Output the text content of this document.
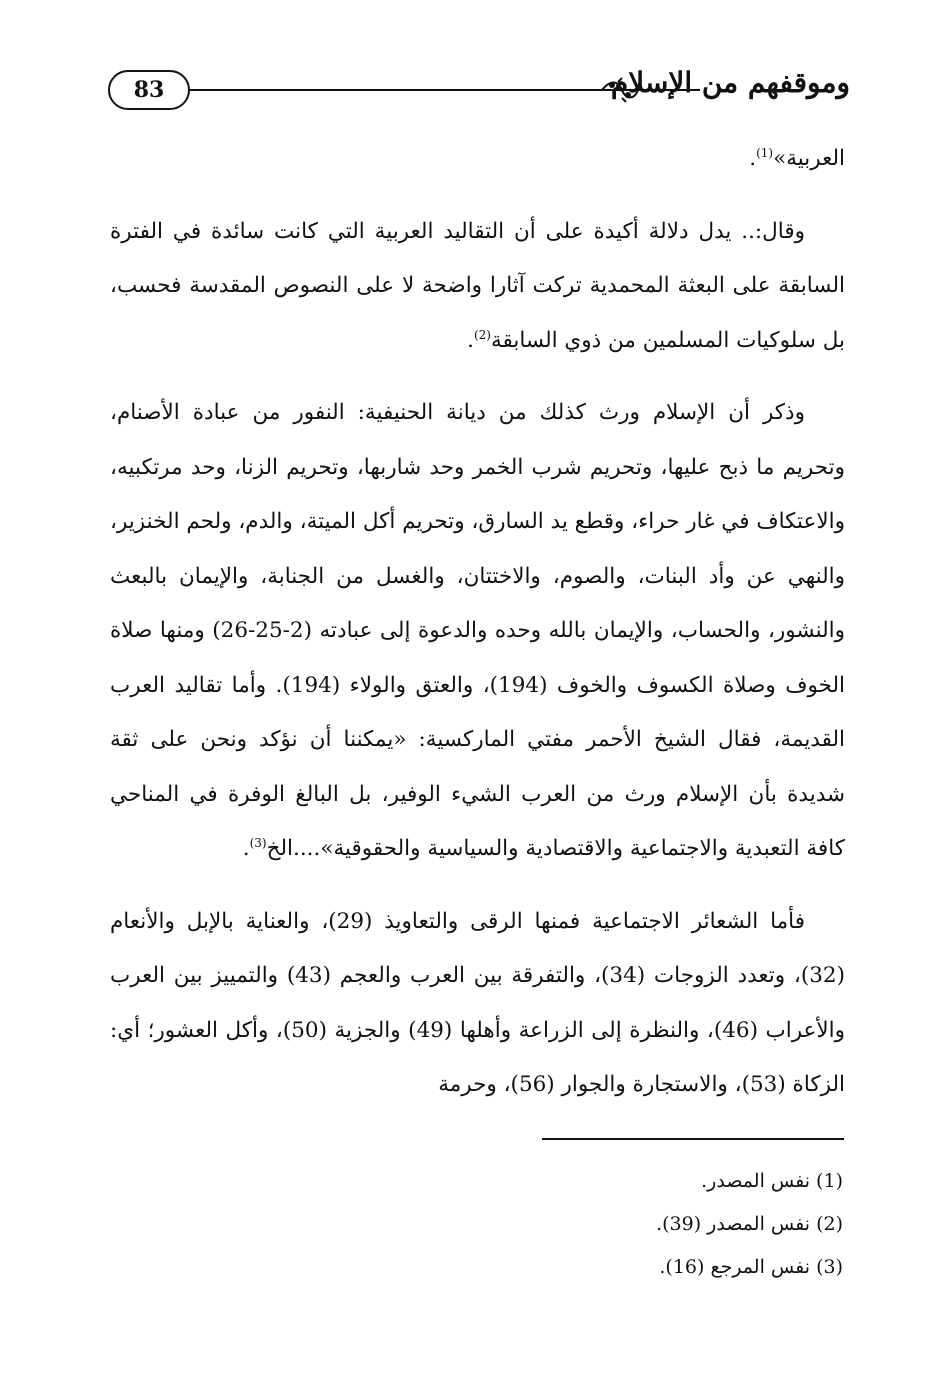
83	وموقفهم من الإسلام

العربية»$^{(1)}$.

وقال:.. يدل دلالة أكيدة على أن التقاليد العربية التي كانت سائدة في الفترة السابقة على البعثة المحمدية تركت آثارا واضحة لا على النصوص المقدسة فحسب، بل سلوكيات المسلمين من ذوي السابقة$^{(2)}$.

وذكر أن الإسلام ورث كذلك من ديانة الحنيفية: النفور من عبادة الأصنام، وتحريم ما ذبح عليها، وتحريم شرب الخمر وحد شاربها، وتحريم الزنا، وحد مرتكبيه، والاعتكاف في غار حراء، وقطع يد السارق، وتحريم أكل الميتة، والدم، ولحم الخنزير، والنهي عن وأد البنات، والصوم، والاختتان، والغسل من الجنابة، والإيمان بالبعث والنشور، والحساب، والإيمان بالله وحده والدعوة إلى عبادته (2-25-26) ومنها صلاة الخوف وصلاة الكسوف والخوف (194)، والعتق والولاء (194). وأما تقاليد العرب القديمة، فقال الشيخ الأحمر مفتي الماركسية: «يمكننا أن نؤكد ونحن على ثقة شديدة بأن الإسلام ورث من العرب الشيء الوفير، بل البالغ الوفرة في المناحي كافة التعبدية والاجتماعية والاقتصادية والسياسية والحقوقية»....الخ$^{(3)}$.

فأما الشعائر الاجتماعية فمنها الرقى والتعاويذ (29)، والعناية بالإبل والأنعام (32)، وتعدد الزوجات (34)، والتفرقة بين العرب والعجم (43) والتمييز بين العرب والأعراب (46)، والنظرة إلى الزراعة وأهلها (49) والجزية (50)، وأكل العشور؛ أي: الزكاة (53)، والاستجارة والجوار (56)، وحرمة

(1) نفس المصدر.
(2) نفس المصدر (39).
(3) نفس المرجع (16).
